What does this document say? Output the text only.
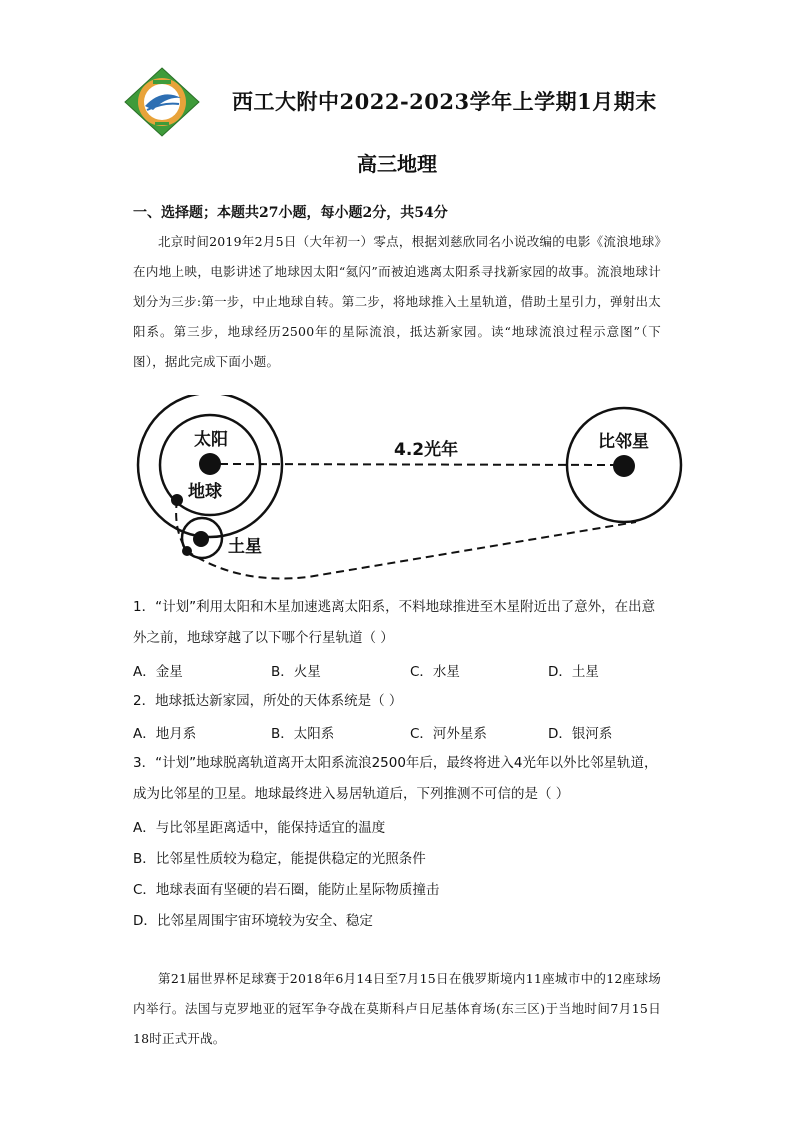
西工大附中2022-2023学年上学期1月期末
高三地理
一、选择题；本题共27小题，每小题2分，共54分
北京时间2019年2月5日（大年初一）零点，根据刘慈欣同名小说改编的电影《流浪地球》在内地上映，电影讲述了地球因太阳“氦闪”而被迫逃离太阳系寻找新家园的故事。流浪地球计划分为三步:第一步，中止地球自转。第二步，将地球推入土星轨道，借助土星引力，弹射出太阳系。第三步，地球经历2500年的星际流浪，抵达新家园。读“地球流浪过程示意图”（下图），据此完成下面小题。
太阳
地球
土星
比邻星
4.2光年
1．“计划”利用太阳和木星加速逃离太阳系，不料地球推进至木星附近出了意外，在出意外之前，地球穿越了以下哪个行星轨道（ ）
A．金星	B．火星	C．水星	D．土星
2．地球抵达新家园，所处的天体系统是（ ）
A．地月系	B．太阳系	C．河外星系	D．银河系
3．“计划”地球脱离轨道离开太阳系流浪2500年后，最终将进入4光年以外比邻星轨道，成为比邻星的卫星。地球最终进入易居轨道后，下列推测不可信的是（ ）
A．与比邻星距离适中，能保持适宜的温度
B．比邻星性质较为稳定，能提供稳定的光照条件
C．地球表面有坚硬的岩石圈，能防止星际物质撞击
D．比邻星周围宇宙环境较为安全、稳定
第21届世界杯足球赛于2018年6月14日至7月15日在俄罗斯境内11座城市中的12座球场内举行。法国与克罗地亚的冠军争夺战在莫斯科卢日尼基体育场(东三区)于当地时间7月15日18时正式开战。
